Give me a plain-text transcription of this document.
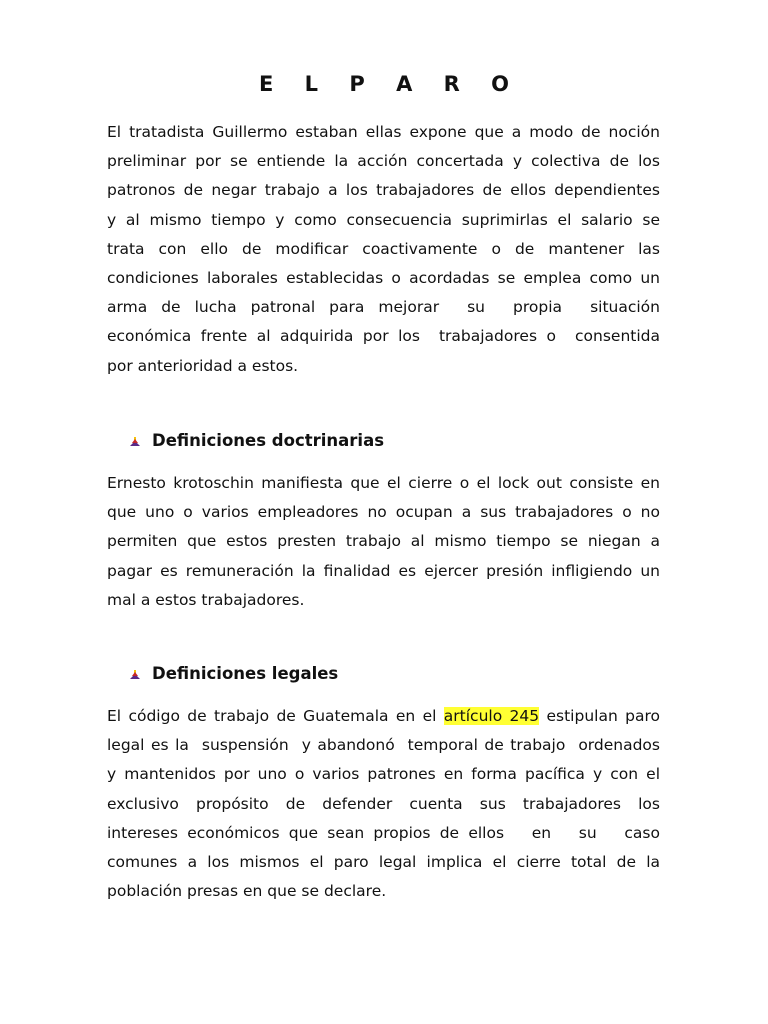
E L P A R O
El tratadista Guillermo estaban ellas expone que a modo de noción
preliminar por se entiende la acción concertada y colectiva de los
patronos de negar trabajo a los trabajadores de ellos dependientes
y al mismo tiempo y como consecuencia suprimirlas el salario se
trata con ello de modificar coactivamente o de mantener las
condiciones laborales establecidas o acordadas se emplea como un
arma de lucha patronal para mejorar  su  propia  situación
económica frente al adquirida por los  trabajadores o  consentida
por anterioridad a estos.
Definiciones doctrinarias
Ernesto krotoschin manifiesta que el cierre o el lock out consiste en
que uno o varios empleadores no ocupan a sus trabajadores o no
permiten que estos presten trabajo al mismo tiempo se niegan a
pagar es remuneración la finalidad es ejercer presión infligiendo un
mal a estos trabajadores.
Definiciones legales
El código de trabajo de Guatemala en el artículo 245 estipulan paro
legal es la  suspensión  y abandonó  temporal de trabajo  ordenados
y mantenidos por uno o varios patrones en forma pacífica y con el
exclusivo  propósito  de  defender  cuenta  sus  trabajadores  los
intereses económicos que sean propios de ellos   en   su   caso
comunes a los mismos el paro legal implica el cierre total de la
población presas en que se declare.
